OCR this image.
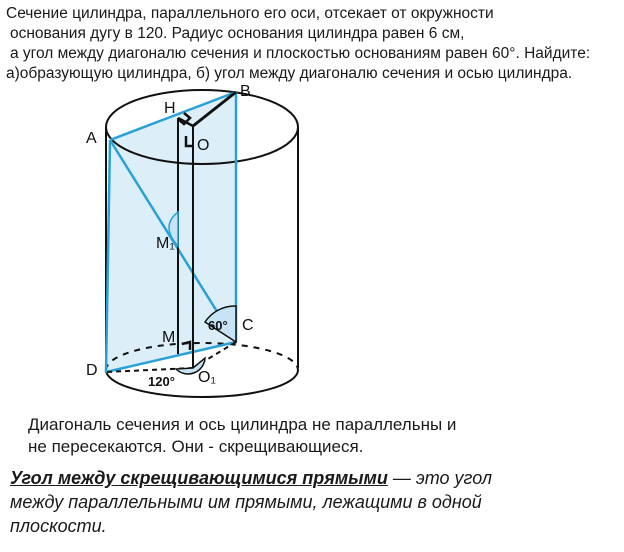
Сечение цилиндра, параллельного его оси, отсекает от окружности
основания дугу в 120. Радиус основания цилиндра равен 6 см,
а угол между диагоналю сечения и плоскостью основаниям равен 60°. Найдите:
а)образующую цилиндра, б) угол между диагоналю сечения и осью цилиндра.
A
B
H
O
M₁
C
M
D	O₁
60°
120°
Диагональ сечения и ось цилиндра не параллельны и
не пересекаются. Они - скрещивающиеся.
Угол между скрещивающимися прямыми — это угол
между параллельными им прямыми, лежащими в одной
плоскости.
